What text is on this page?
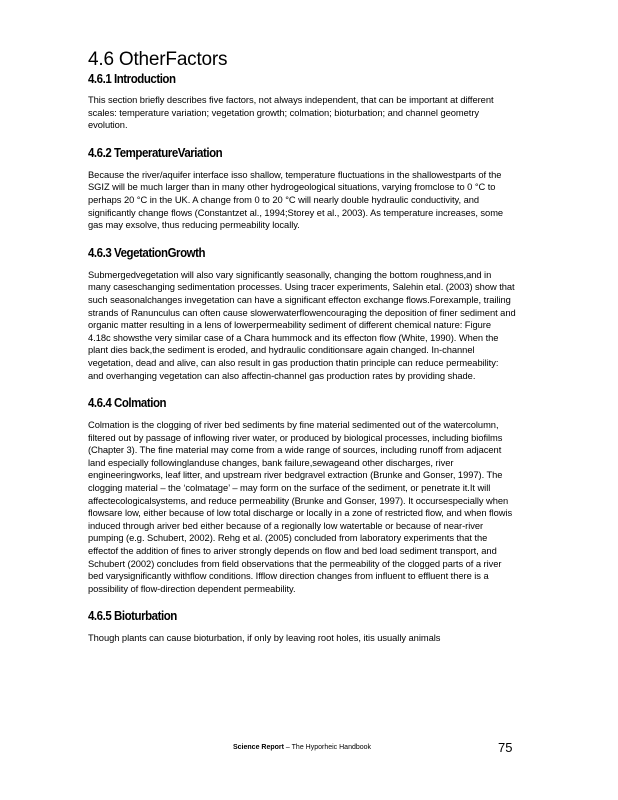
4.6 OtherFactors
4.6.1 Introduction

This section briefly describes five factors, not always independent, that can be important at different scales: temperature variation; vegetation growth; colmation; bioturbation; and channel geometry evolution.

4.6.2 TemperatureVariation

Because the river/aquifer interface isso shallow, temperature fluctuations in the shallowestparts of the SGIZ will be much larger than in many other hydrogeological situations, varying fromclose to 0 °C to perhaps 20 °C in the UK. A change from 0 to 20 °C will nearly double hydraulic conductivity, and significantly change flows (Constantzet al., 1994;Storey et al., 2003). As temperature increases, some gas may exsolve, thus reducing permeability locally.

4.6.3 VegetationGrowth

Submergedvegetation will also vary significantly seasonally, changing the bottom roughness,and in many caseschanging sedimentation processes. Using tracer experiments, Salehin etal. (2003) show that such seasonalchanges invegetation can have a significant effecton exchange flows.Forexample, trailing strands of Ranunculus can often cause slowerwaterflowencouraging the deposition of finer sediment and organic matter resulting in a lens of lowerpermeability sediment of different chemical nature: Figure 4.18c showsthe very similar case of a Chara hummock and its effecton flow (White, 1990). When the plant dies back,the sediment is eroded, and hydraulic conditionsare again changed. In-channel vegetation, dead and alive, can also result in gas production thatin principle can reduce permeability: and overhanging vegetation can also affectin-channel gas production rates by providing shade.

4.6.4 Colmation

Colmation is the clogging of river bed sediments by fine material sedimented out of the watercolumn, filtered out by passage of inflowing river water, or produced by biological processes, including biofilms (Chapter 3). The fine material may come from a wide range of sources, including runoff from adjacent land especially followinglanduse changes, bank failure,sewageand other discharges, river engineeringworks, leaf litter, and upstream river bedgravel extraction (Brunke and Gonser, 1997). The clogging material – the ‘colmatage’ – may form on the surface of the sediment, or penetrate it.It will affectecologicalsystems, and reduce permeability (Brunke and Gonser, 1997). It occursespecially when flowsare low, either because of low total discharge or locally in a zone of restricted flow, and when flowis induced through ariver bed either because of a regionally low watertable or because of near-river pumping (e.g. Schubert, 2002). Rehg et al. (2005) concluded from laboratory experiments that the effectof the addition of fines to ariver strongly depends on flow and bed load sediment transport, and Schubert (2002) concludes from field observations that the permeability of the clogged parts of a river bed varysignificantly withflow conditions. Ifflow direction changes from influent to effluent there is a possibility of flow-direction dependent permeability.

4.6.5 Bioturbation

Though plants can cause bioturbation, if only by leaving root holes, itis usually animals

Science Report – The Hyporheic Handbook	75
